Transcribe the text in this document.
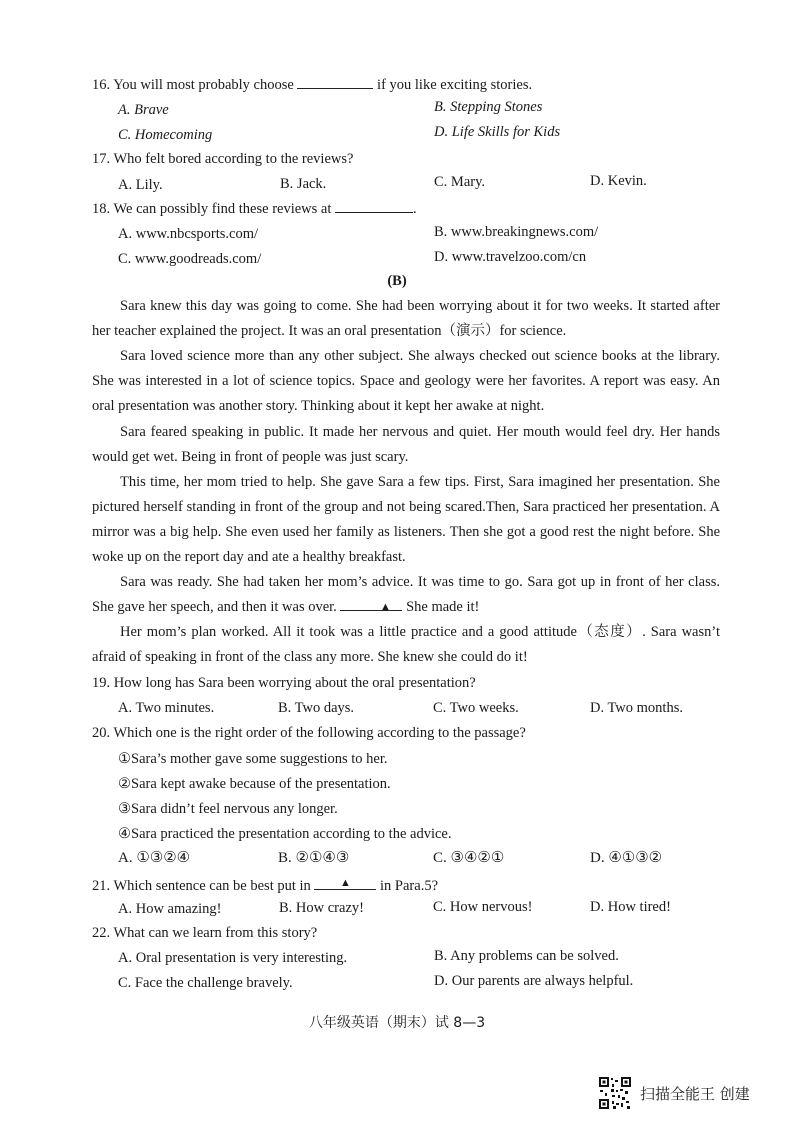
16. You will most probably choose	if you like exciting stories.
A. Brave	B. Stepping Stones
C. Homecoming	D. Life Skills for Kids
17. Who felt bored according to the reviews?
A. Lily.	B. Jack.	C. Mary.	D. Kevin.
18. We can possibly find these reviews at	.
A. www.nbcsports.com/	B. www.breakingnews.com/
C. www.goodreads.com/	D. www.travelzoo.com/cn
(B)
Sara knew this day was going to come. She had been worrying about it for two weeks. It started after her teacher explained the project. It was an oral presentation（演示）for science.
Sara loved science more than any other subject. She always checked out science books at the library. She was interested in a lot of science topics. Space and geology were her favorites. A report was easy. An oral presentation was another story. Thinking about it kept her awake at night.
Sara feared speaking in public. It made her nervous and quiet. Her mouth would feel dry. Her hands would get wet. Being in front of people was just scary.
This time, her mom tried to help. She gave Sara a few tips. First, Sara imagined her presentation. She pictured herself standing in front of the group and not being scared.Then, Sara practiced her presentation. A mirror was a big help. She even used her family as listeners. Then she got a good rest the night before. She woke up on the report day and ate a healthy breakfast.
Sara was ready. She had taken her mom’s advice. It was time to go. Sara got up in front of her class. She gave her speech, and then it was over.	▲ She made it!
Her mom’s plan worked. All it took was a little practice and a good attitude（态度）. Sara wasn’t afraid of speaking in front of the class any more. She knew she could do it!
19. How long has Sara been worrying about the oral presentation?
A. Two minutes.	B. Two days.	C. Two weeks.	D. Two months.
20. Which one is the right order of the following according to the passage?
①Sara’s mother gave some suggestions to her.
②Sara kept awake because of the presentation.
③Sara didn’t feel nervous any longer.
④Sara practiced the presentation according to the advice.
A. ①③②④	B. ②①④③	C. ③④②①	D. ④①③②
21. Which sentence can be best put in	▲	in Para.5?
A. How amazing!	B. How crazy!	C. How nervous!	D. How tired!
22. What can we learn from this story?
A. Oral presentation is very interesting.	B. Any problems can be solved.
C. Face the challenge bravely.	D. Our parents are always helpful.
八年级英语（期末）试 8—3
扫描全能王 创建
